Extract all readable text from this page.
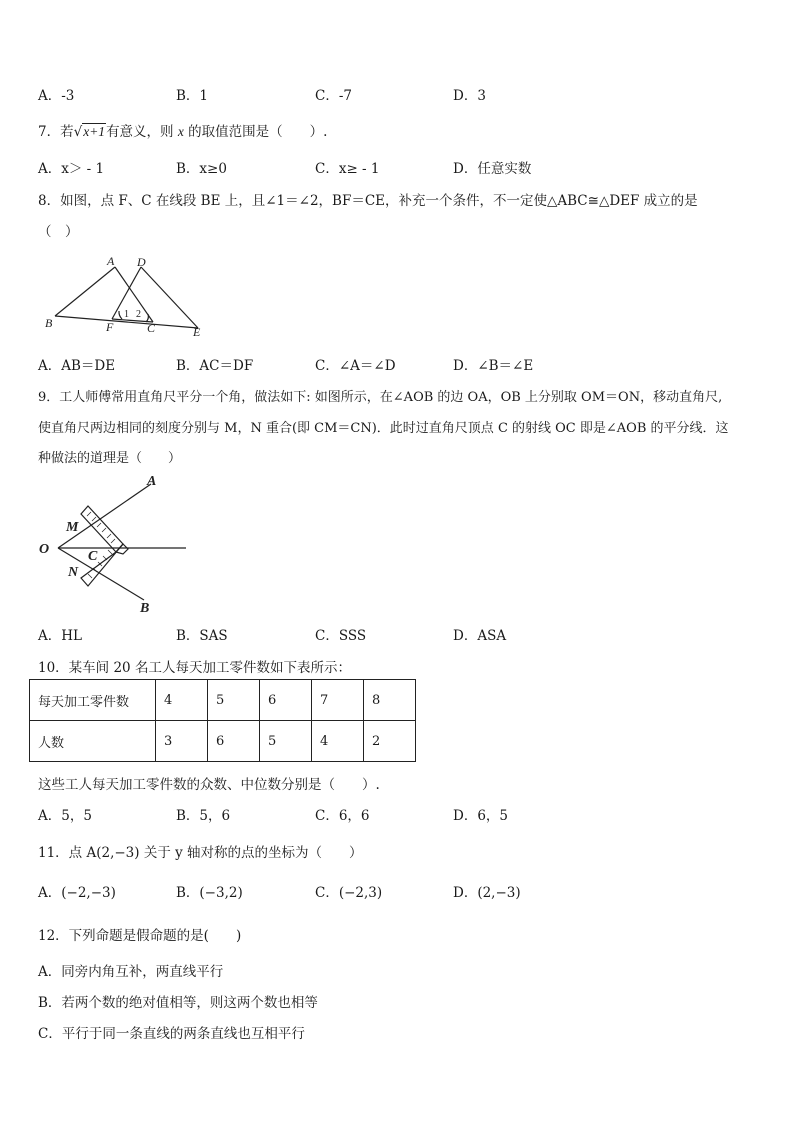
A．-3	B．1	C．-7	D．3
7．若√x+1有意义，则 x 的取值范围是（　　）.
A．x＞ - 1	B．x≥0	C．x≥ - 1	D．任意实数
8．如图，点 F、C 在线段 BE 上，且∠1＝∠2，BF＝CE，补充一个条件，不一定使△ABC≅△DEF 成立的是
（　）
A D
B	F
1 2
C	E
A．AB＝DE	B．AC＝DF	C．∠A＝∠D	D．∠B＝∠E
9．工人师傅常用直角尺平分一个角，做法如下: 如图所示，在∠AOB 的边 OA，OB 上分别取 OM＝ON，移动直角尺,
使直角尺两边相同的刻度分别与 M，N 重合(即 CM＝CN)．此时过直角尺顶点 C 的射线 OC 即是∠AOB 的平分线．这
种做法的道理是（　　）
A
M
O	C
N
B
A．HL	B．SAS	C．SSS	D．ASA
10．某车间 20 名工人每天加工零件数如下表所示：
每天加工零件数	4	5	6	7	8
人数	3	6	5	4	2
这些工人每天加工零件数的众数、中位数分别是（　　）.
A．5，5	B．5，6	C．6，6	D．6，5
11．点 A(2,−3) 关于 y 轴对称的点的坐标为（　　）
A．(−2,−3)	B．(−3,2)	C．(−2,3)	D．(2,−3)
12．下列命题是假命题的是(　　)
A．同旁内角互补，两直线平行
B．若两个数的绝对值相等，则这两个数也相等
C．平行于同一条直线的两条直线也互相平行
